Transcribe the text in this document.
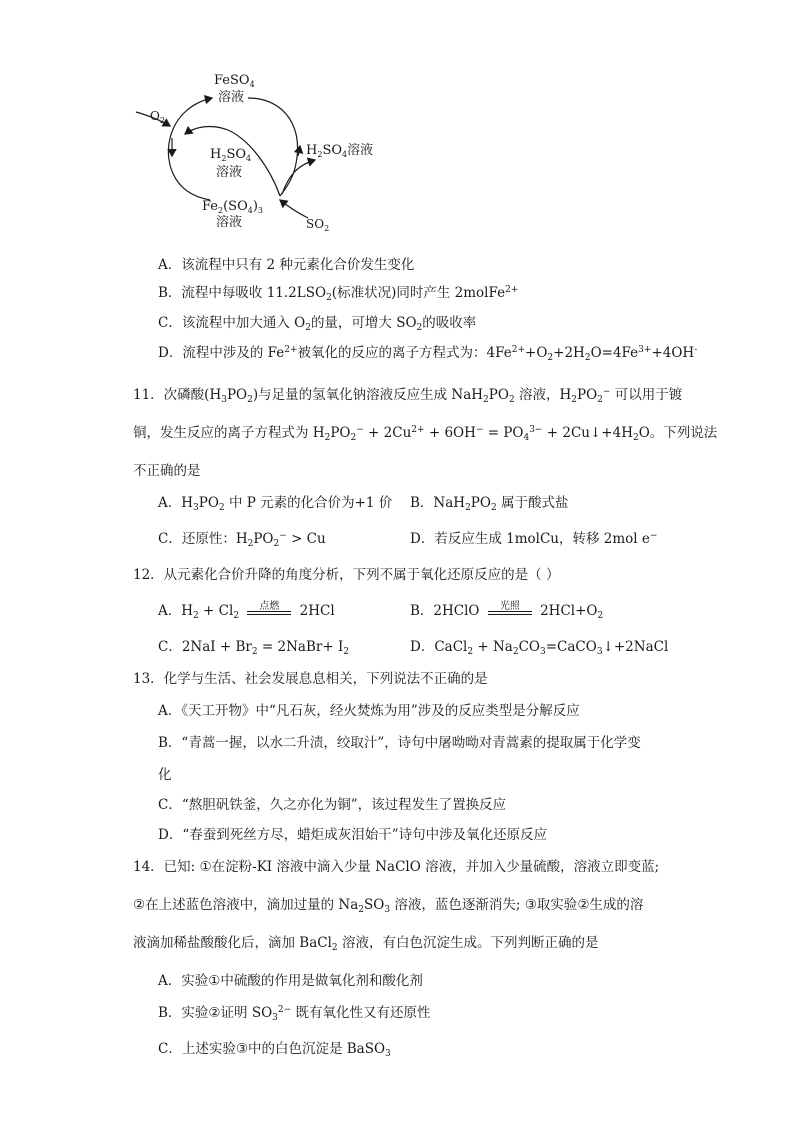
FeSO$_4$
溶液
$O_2$
$H_2SO_4$
溶液
$H_2SO_4$溶液
$Fe_2(SO_4)_3$
溶液	$SO_2$
A．该流程中只有 2 种元素化合价发生变化
B．流程中每吸收 $11.2LSO_2$(标准状况)同时产生 2molFe$^{2+}$
C．该流程中加大通入 $O_2$的量，可增大 $SO_2$的吸收率
D．流程中涉及的 $Fe^{2+}$被氧化的反应的离子方程式为：$4Fe^{2+}+O_2+2H_2O=4Fe^{3+}+4OH^-$
11．次磷酸$(H_3PO_2)$与足量的氢氧化钠溶液反应生成 $NaH_2PO_2$ 溶液，$H_2PO_2^-$ 可以用于镀
铜，发生反应的离子方程式为 $H_2PO_2^- + 2Cu^{2+} + 6OH^- = PO_4^{3-}$ + $2Cu↓+4H_2O$。下列说法
不正确的是
A．$H_3PO_2$ 中 P 元素的化合价为+1 价 B．$NaH_2PO_2$ 属于酸式盐
C．还原性：$H_2PO_2^- > Cu$	D．若反应生成 1molCu，转移 2mol e−
12．从元素化合价升降的角度分析，下列不属于氧化还原反应的是（ ）
A．$H_2 + Cl_2$
点燃	2HCl	B．2HClO	光照	$2HCl+O_2$
C．$2NaI + Br_2$ = 2NaBr+ $I_2$	D．CaCl$_2$ + $Na_2CO_3=CaCO_3↓+2NaCl$
13．化学与生活、社会发展息息相关，下列说法不正确的是
A．《天工开物》中“凡石灰，经火焚炼为用”涉及的反应类型是分解反应
B．“青蒿一握，以水二升渍，绞取汁”，诗句中屠呦呦对青蒿素的提取属于化学变
化
C．“熬胆矾铁釜，久之亦化为铜”，该过程发生了置换反应
D．“春蚕到死丝方尽，蜡炬成灰泪始干”诗句中涉及氧化还原反应
14．已知: ①在淀粉-KI 溶液中滴入少量 NaClO 溶液，并加入少量硫酸，溶液立即变蓝;
②在上述蓝色溶液中，滴加过量的 $Na_2SO_3$ 溶液，蓝色逐渐消失; ③取实验②生成的溶
液滴加稀盐酸酸化后，滴加 BaCl$_2$ 溶液，有白色沉淀生成。下列判断正确的是
A．实验①中硫酸的作用是做氧化剂和酸化剂
B．实验②证明 $SO_3^{2-}$ 既有氧化性又有还原性
C．上述实验③中的白色沉淀是 BaSO$_3$
